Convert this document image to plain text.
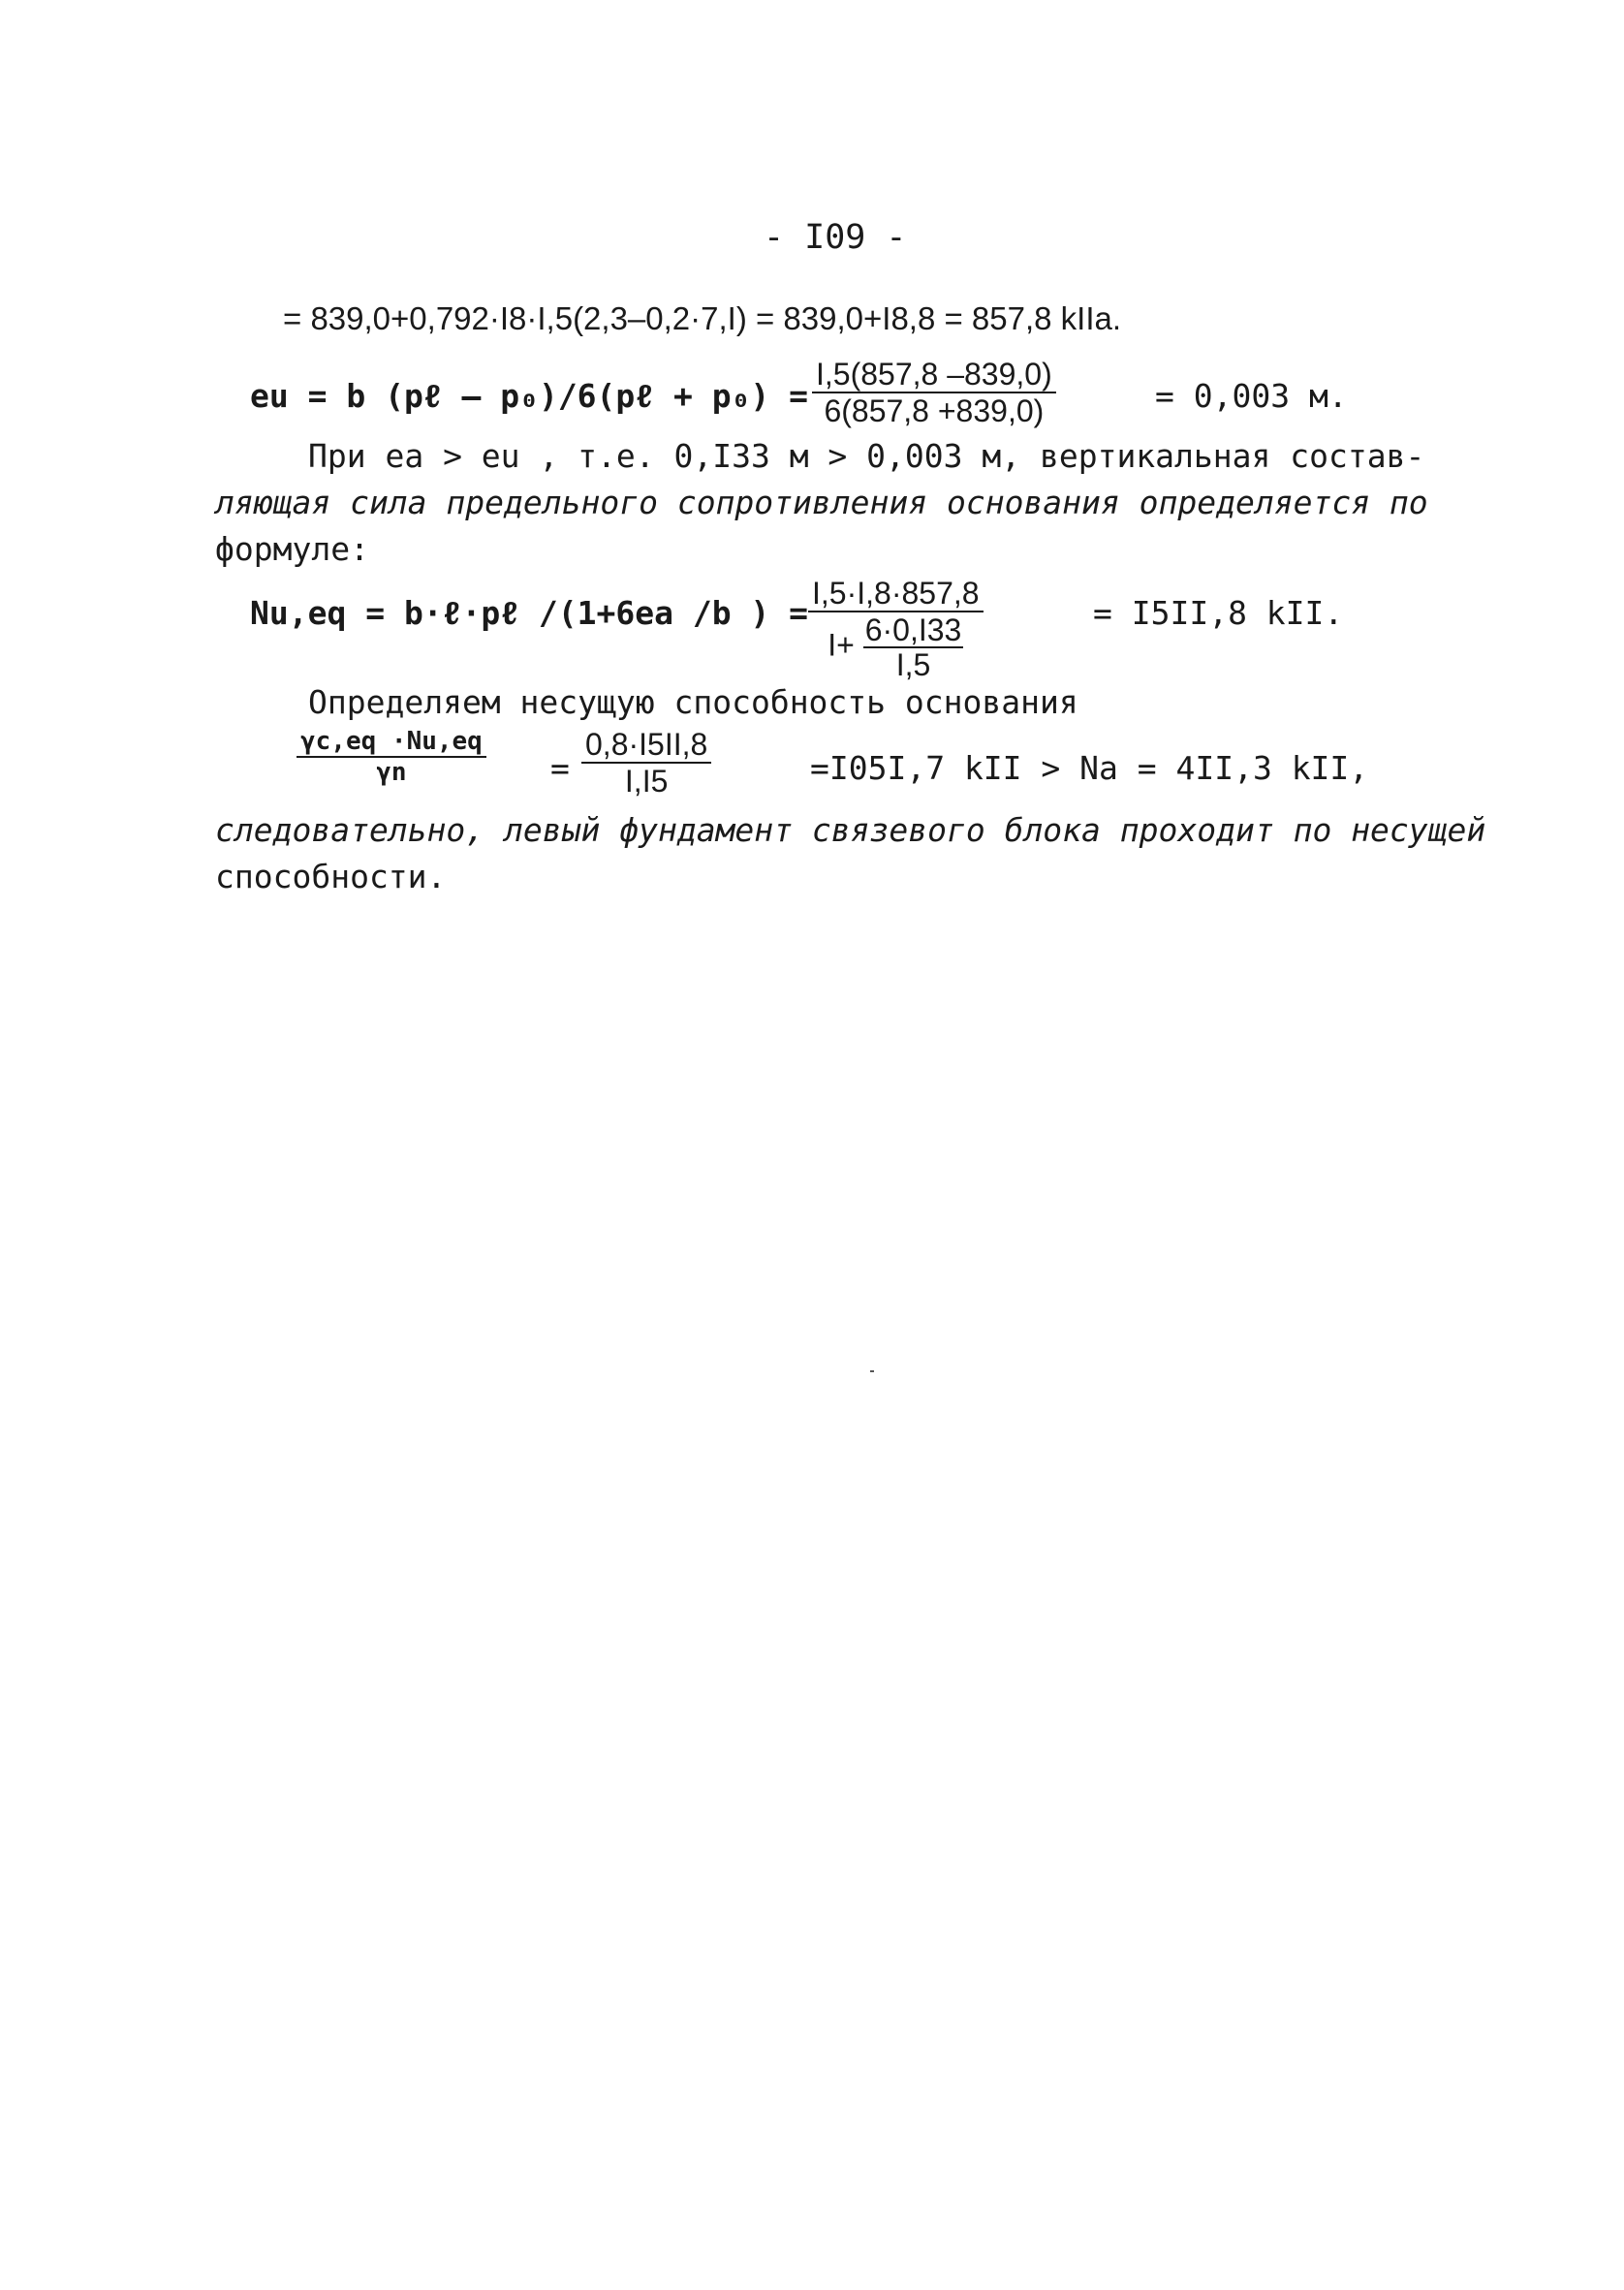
- I09 -
= 839,0+0,792·I8·I,5(2,3–0,2·7,I) = 839,0+I8,8 = 857,8 kIIa.
eu = b (pℓ – p₀)/6(pℓ + $p_0) = \frac{I,5(857,8 -839,0)}{6(857,8 +839,0)}$	= 0,003 м.
При ea > eu , т.е. 0,I33 м > 0,003 м, вертикальная состав-
ляющая сила предельного сопротивления основания определяется по
формуле:
Nu,eq = b·ℓ·pℓ /(1+6ea /b ) = $\frac{I,5\cdot I,8\cdot 857,8}{I+ \frac{6\cdot 0,I33}{I,5}}$	= I5II,8 kII.
Определяем несущую способность основания
$\frac{\gamma c,eq \cdot Nu,eq}{\gamma n} = \frac{0,8\cdot I5II,8}{I,I5}$	=I05I,7 kII > Na = 4II,3 kII,
следовательно, левый фундамент связевого блока проходит по несущей
способности.
